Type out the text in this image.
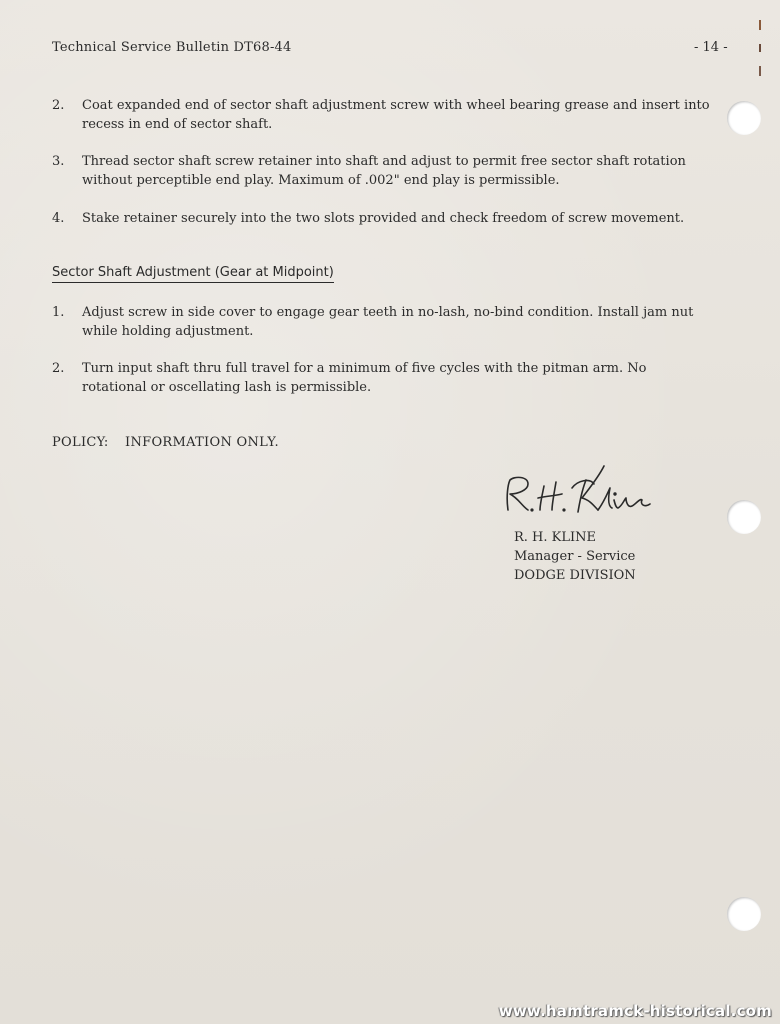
Technical Service Bulletin DT68-44	- 14 -
2.	Coat expanded end of sector shaft adjustment screw with wheel bearing grease and insert into recess in end of sector shaft.
3.	Thread sector shaft screw retainer into shaft and adjust to permit free sector shaft rotation without perceptible end play. Maximum of .002" end play is permissible.
4.	Stake retainer securely into the two slots provided and check freedom of screw movement.
Sector Shaft Adjustment (Gear at Midpoint)
1.	Adjust screw in side cover to engage gear teeth in no-lash, no-bind condition. Install jam nut while holding adjustment.
2.	Turn input shaft thru full travel for a minimum of five cycles with the pitman arm. No rotational or oscellating lash is permissible.
POLICY: INFORMATION ONLY.
R. H. KLINE
Manager - Service
DODGE DIVISION
www.hamtramck-historical.com
